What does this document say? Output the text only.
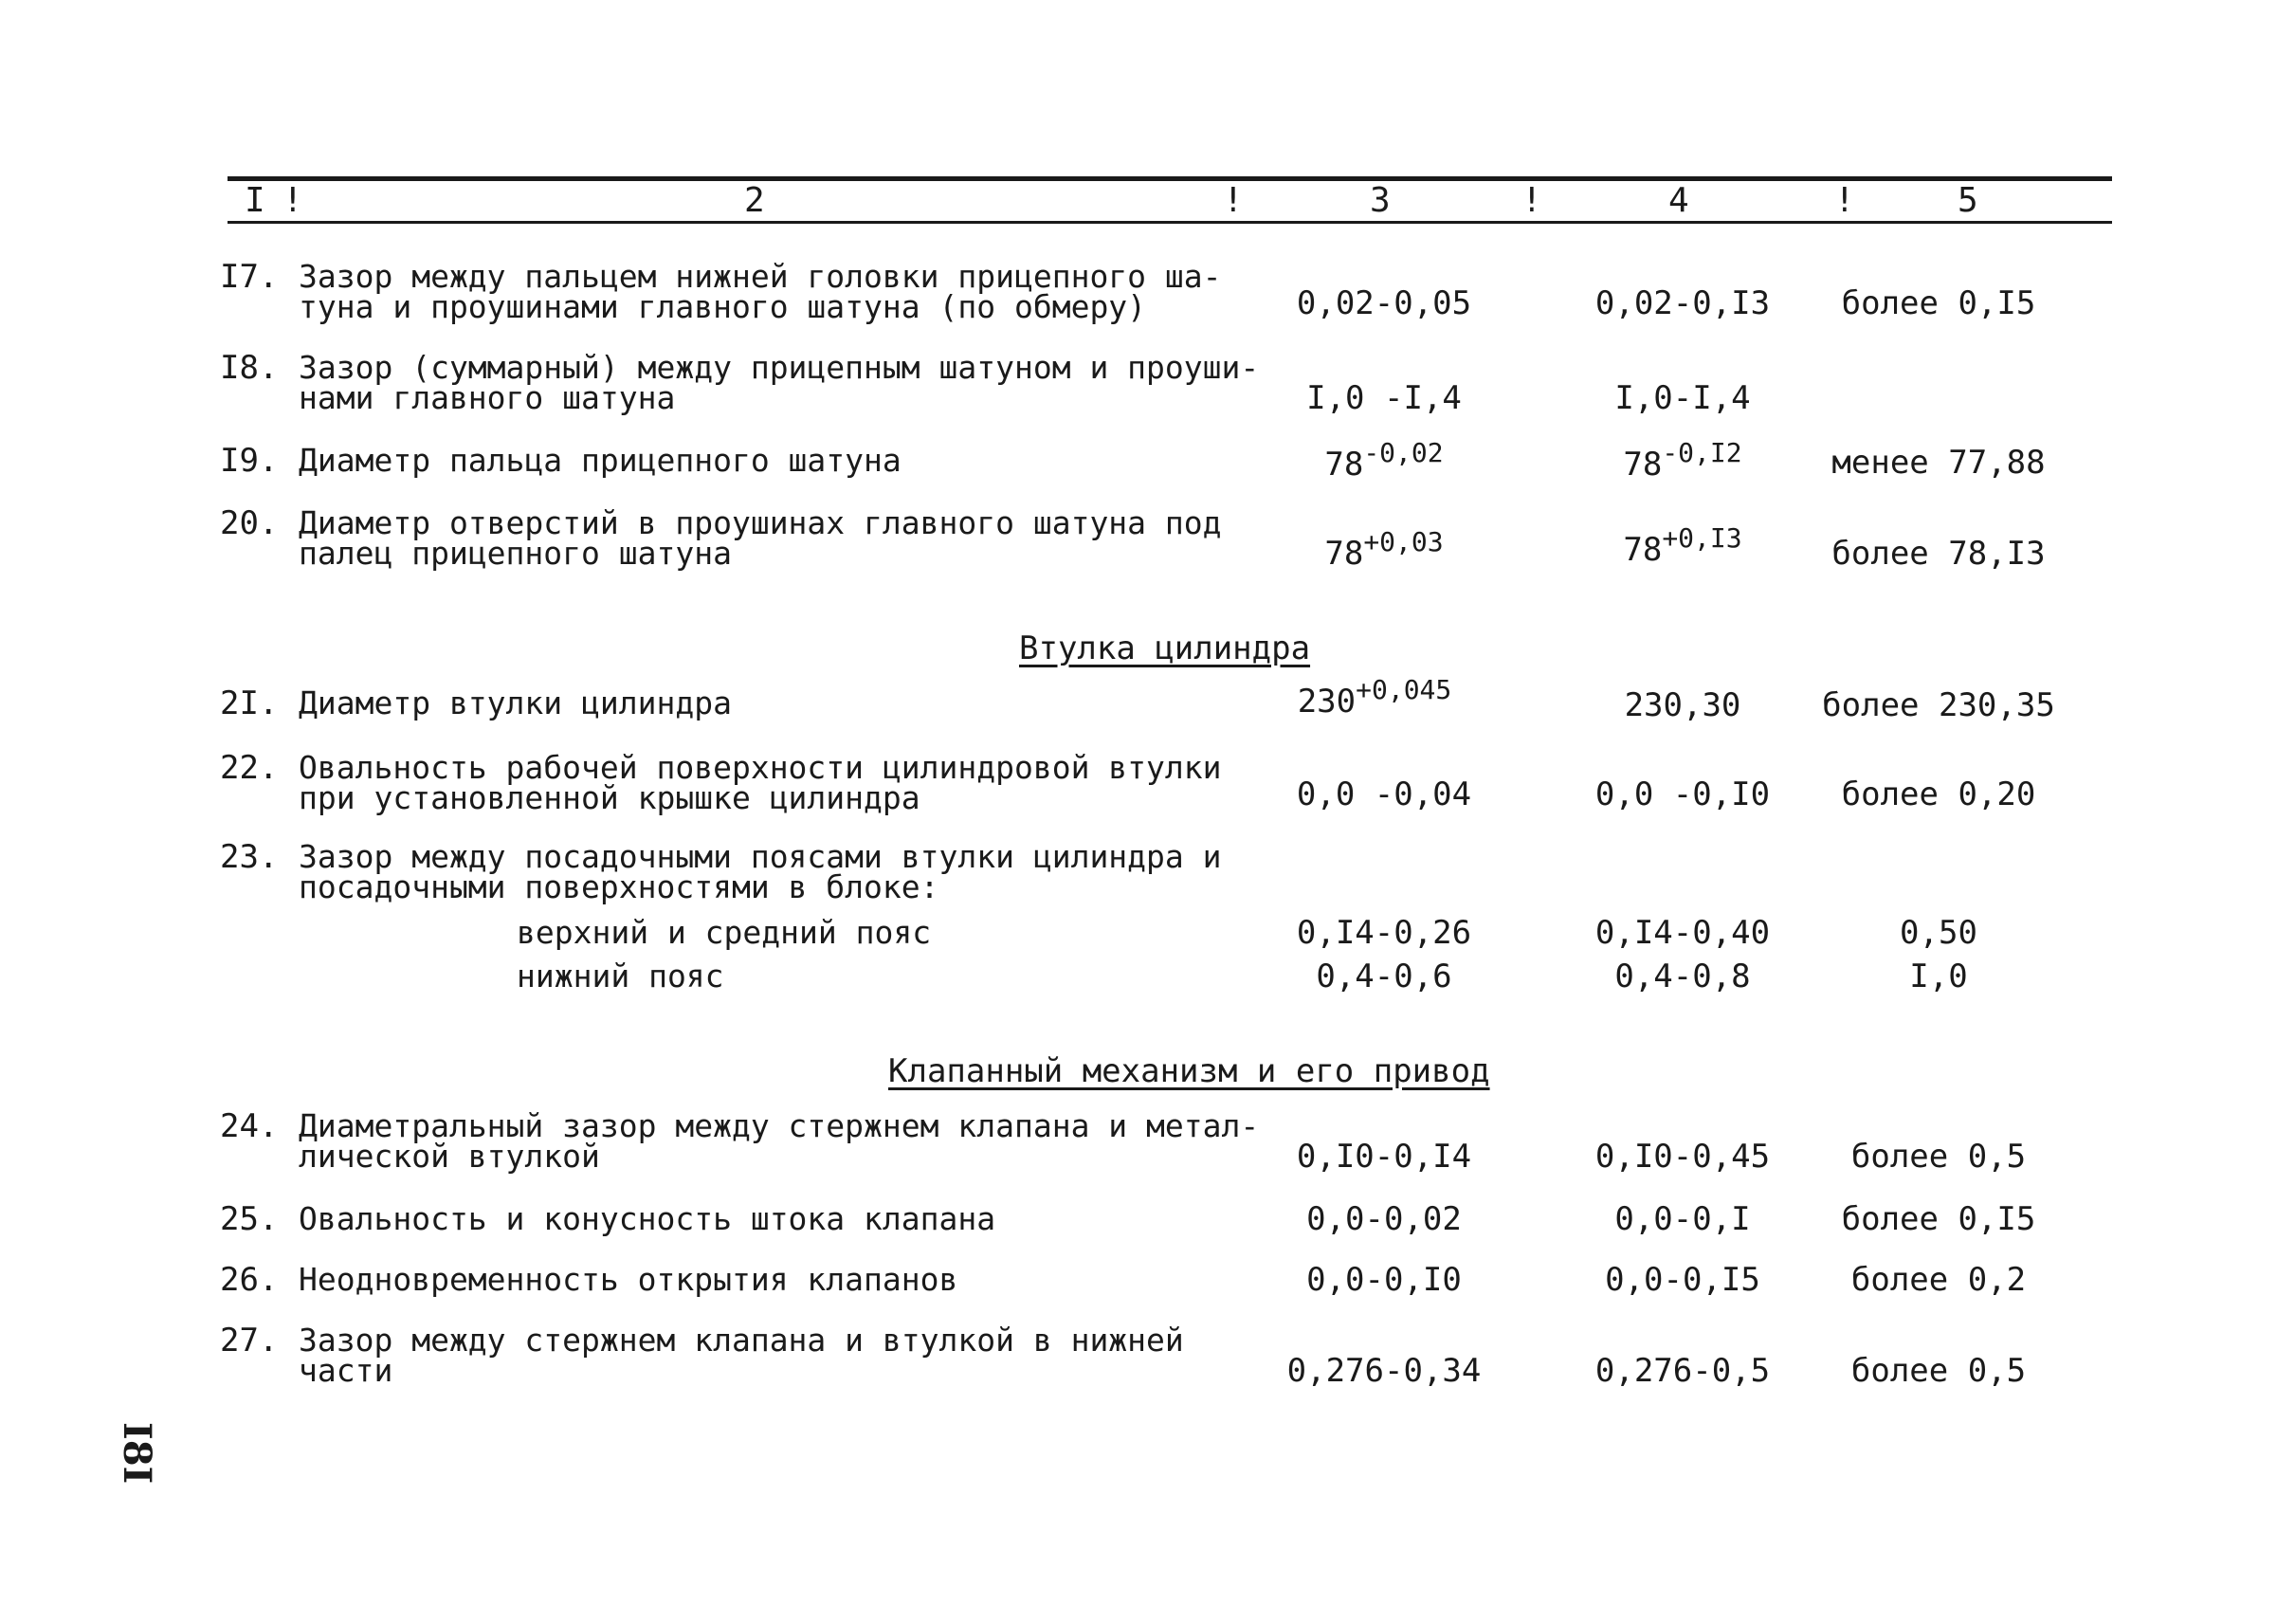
I !	2	!	3	!	4	!	5
I7. Зазор между пальцем нижней головки прицепного ша-
туна и проушинами главного шатуна (по обмеру)	0,02-0,05	0,02-0,I3	более 0,I5
I8. Зазор (суммарный) между прицепным шатуном и проуши-
нами главного шатуна	I,0 -I,4	I,0-I,4
I9. Диаметр пальца прицепного шатуна	$78^{-0,02}$	$78^{-0,I2}$	менее 77,88
20. Диаметр отверстий в проушинах главного шатуна под
палец прицепного шатуна	$78^{+0,03}$	$78^{+0,I3}$	более 78,I3
Втулка цилиндра
2I. Диаметр втулки цилиндра	$230^{+0,045}$	230,30	более 230,35
22. Овальность рабочей поверхности цилиндровой втулки
при установленной крышке цилиндра	0,0 -0,04	0,0 -0,I0	более 0,20
23. Зазор между посадочными поясами втулки цилиндра и
посадочными поверхностями в блоке:
верхний и средний пояс	0,I4-0,26	0,I4-0,40	0,50
нижний пояс	0,4-0,6	0,4-0,8	I,0
Клапанный механизм и его привод
24. Диаметральный зазор между стержнем клапана и метал-
лической втулкой	0,I0-0,I4	0,I0-0,45	более 0,5
25. Овальность и конусность штока клапана	0,0-0,02	0,0-0,I	более 0,I5
26. Неодновременность открытия клапанов	0,0-0,I0	0,0-0,I5	более 0,2
27. Зазор между стержнем клапана и втулкой в нижней
части	0,276-0,34	0,276-0,5	более 0,5
I8I
